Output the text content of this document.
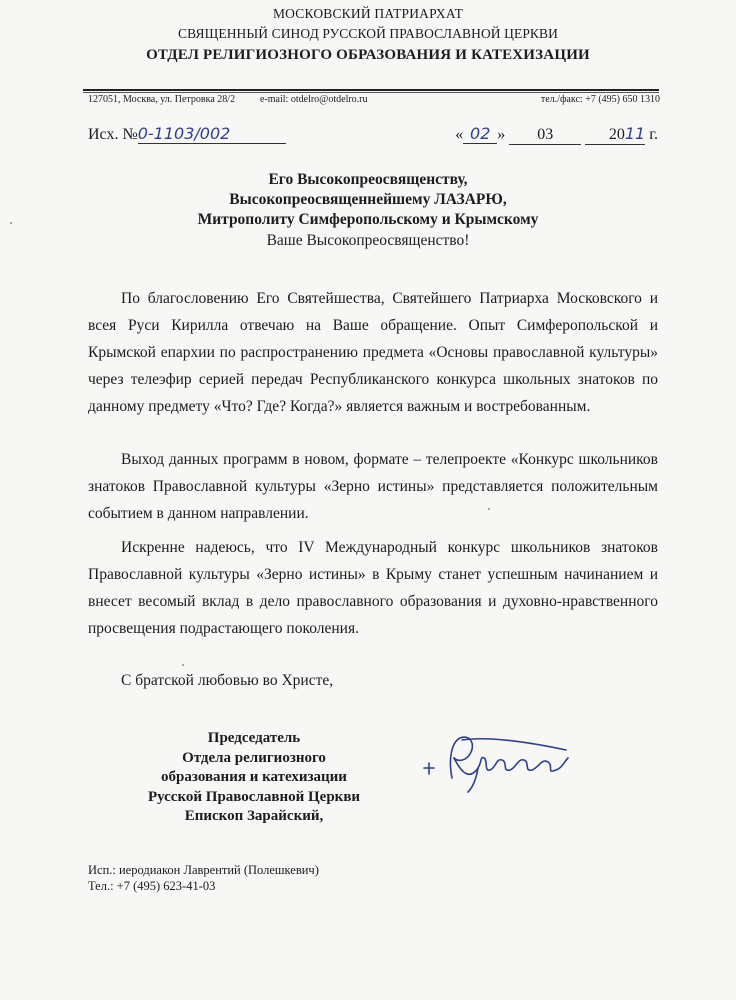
МОСКОВСКИЙ ПАТРИАРХАТ
СВЯЩЕННЫЙ СИНОД РУССКОЙ ПРАВОСЛАВНОЙ ЦЕРКВИ
ОТДЕЛ РЕЛИГИОЗНОГО ОБРАЗОВАНИЯ И КАТЕХИЗАЦИИ
127051, Москва, ул. Петровка 28/2 e-mail: otdelro@otdelro.ru	тел./факс: +7 (495) 650 1310
Исх. №0-1103/002	« 02 » 03	2011 г.
Его Высокопреосвященству,
Высокопреосвященнейшему ЛАЗАРЮ,
Митрополиту Симферопольскому и Крымскому
Ваше Высокопреосвященство!

По благословению Его Святейшества, Святейшего Патриарха Московского и всея Руси Кирилла отвечаю на Ваше обращение. Опыт Симферопольской и Крымской епархии по распространению предмета «Основы православной культуры» через телеэфир серией передач Республиканского конкурса школьных знатоков по данному предмету «Что? Где? Когда?» является важным и востребованным.

Выход данных программ в новом, формате – телепроекте «Конкурс школьников знатоков Православной культуры «Зерно истины» представляется положительным событием в данном направлении.

Искренне надеюсь, что IV Международный конкурс школьников знатоков Православной культуры «Зерно истины» в Крыму станет успешным начинанием и внесет весомый вклад в дело православного образования и духовно-нравственного просвещения подрастающего поколения.

С братской любовью во Христе,
Председатель
Отдела религиозного
образования и катехизации
Русской Православной Церкви
Епископ Зарайский,
Исп.: иеродиакон Лаврентий (Полешкевич)
Тел.: +7 (495) 623-41-03
